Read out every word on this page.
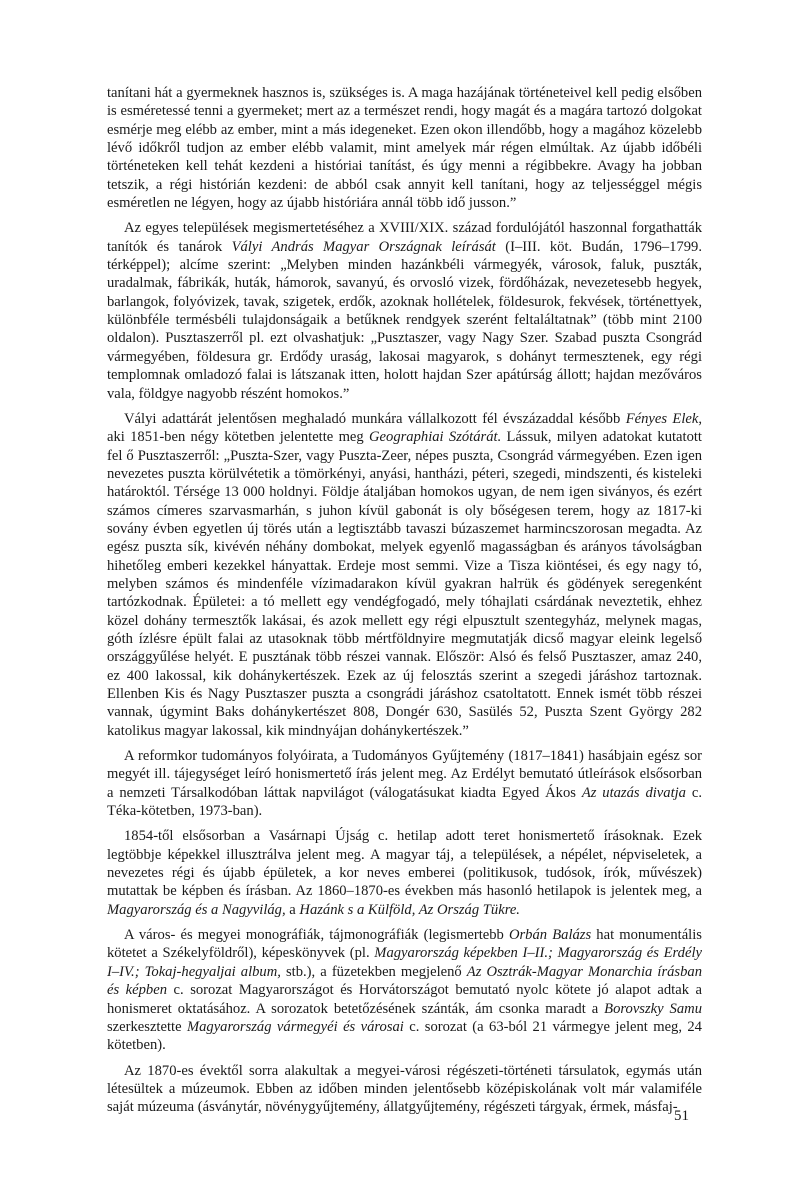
tanítani hát a gyermeknek hasznos is, szükséges is. A maga hazájának történeteivel kell pedig elsőben is esméretessé tenni a gyermeket; mert az a természet rendi, hogy magát és a magára tartozó dolgokat esmérje meg elébb az ember, mint a más idegeneket. Ezen okon illendőbb, hogy a magához közelebb lévő időkről tudjon az ember elébb valamit, mint amelyek már régen elmúltak. Az újabb időbéli történeteken kell tehát kezdeni a históriai tanítást, és úgy menni a régibbekre. Avagy ha jobban tetszik, a régi histórián kezdeni: de abból csak annyit kell tanítani, hogy az teljességgel mégis esméretlen ne légyen, hogy az újabb históriára annál több idő jusson.”

Az egyes települések megismertetéséhez a XVIII/XIX. század fordulójától haszonnal forgathatták tanítók és tanárok Vályi András Magyar Országnak leírását (I–III. köt. Budán, 1796–1799. térképpel); alcíme szerint: „Melyben minden hazánkbéli vármegyék, városok, faluk, puszták, uradalmak, fábrikák, huták, hámorok, savanyú, és orvosló vizek, fördőházak, nevezetesebb hegyek, barlangok, folyóvizek, tavak, szigetek, erdők, azoknak hollételek, földesurok, fekvések, történettyek, különbféle termésbéli tulajdonságaik a betűknek rendgyek szerént feltaláltatnak” (több mint 2100 oldalon). Pusztaszerről pl. ezt olvashatjuk: „Pusztaszer, vagy Nagy Szer. Szabad puszta Csongrád vármegyében, földesura gr. Erdődy uraság, lakosai magyarok, s dohányt termesztenek, egy régi templomnak omladozó falai is látszanak itten, holott hajdan Szer apátúrság állott; hajdan mezőváros vala, földgye nagyobb részént homokos.”

Vályi adattárát jelentősen meghaladó munkára vállalkozott fél évszázaddal később Fényes Elek, aki 1851-ben négy kötetben jelentette meg Geographiai Szótárát. Lássuk, milyen adatokat kutatott fel ő Pusztaszerről: „Puszta-Szer, vagy Puszta-Zeer, népes puszta, Csongrád vármegyében. Ezen igen nevezetes puszta körülvétetik a tömörkényi, anyási, hantházi, péteri, szegedi, mindszenti, és kisteleki határoktól. Térsége 13 000 holdnyi. Földje átaljában homokos ugyan, de nem igen siványos, és ezért számos címeres szarvasmarhán, s juhon kívül gabonát is oly bőségesen terem, hogy az 1817-ki sovány évben egyetlen új törés után a legtisztább tavaszi búzaszemet harmincszorosan megadta. Az egész puszta sík, kivévén néhány dombokat, melyek egyenlő magasságban és arányos távolságban hihetőleg emberi kezekkel hányattak. Erdeje most semmi. Vize a Tisza kiöntései, és egy nagy tó, melyben számos és mindenféle vízimadarakon kívül gyakran halтük és gödények seregenként tartózkodnak. Épületei: a tó mellett egy vendégfogadó, mely tóhajlati csárdának neveztetik, ehhez közel dohány termesztők lakásai, és azok mellett egy régi elpusztult szentegyház, melynek magas, góth ízlésre épült falai az utasoknak több mértföldnyire megmutatják dicső magyar eleink legelső országgyűlése helyét. E pusztának több részei vannak. Először: Alsó és felső Pusztaszer, amaz 240, ez 400 lakossal, kik dohánykertészek. Ezek az új felosztás szerint a szegedi járáshoz tartoznak. Ellenben Kis és Nagy Pusztaszer puszta a csongrádi járáshoz csatoltatott. Ennek ismét több részei vannak, úgymint Baks dohánykertészet 808, Dongér 630, Sasülés 52, Puszta Szent György 282 katolikus magyar lakossal, kik mindnyájan dohánykertészek.”

A reformkor tudományos folyóirata, a Tudományos Gyűjtemény (1817–1841) hasábjain egész sor megyét ill. tájegységet leíró honismertető írás jelent meg. Az Erdélyt bemutató útleírások elsősorban a nemzeti Társalkodóban láttak napvilágot (válogatásukat kiadta Egyed Ákos Az utazás divatja c. Téka-kötetben, 1973-ban).

1854-től elsősorban a Vasárnapi Újság c. hetilap adott teret honismertető írásoknak. Ezek legtöbbje képekkel illusztrálva jelent meg. A magyar táj, a települések, a népélet, népviseletek, a nevezetes régi és újabb épületek, a kor neves emberei (politikusok, tudósok, írók, művészek) mutattak be képben és írásban. Az 1860–1870-es években más hasonló hetilapok is jelentek meg, a Magyarország és a Nagyvilág, a Hazánk s a Külföld, Az Ország Tükre.

A város- és megyei monográfiák, tájmonográfiák (legismertebb Orbán Balázs hat monumentális kötetet a Székelyföldről), képeskönyvek (pl. Magyarország képekben I–II.; Magyarország és Erdély I–IV.; Tokaj-hegyaljai album, stb.), a füzetekben megjelenő Az Osztrák-Magyar Monarchia írásban és képben c. sorozat Magyarországot és Horvátországot bemutató nyolc kötete jó alapot adtak a honismeret oktatásához. A sorozatok betetőzésének szánták, ám csonka maradt a Borovszky Samu szerkesztette Magyarország vármegyéi és városai c. sorozat (a 63-ból 21 vármegye jelent meg, 24 kötetben).

Az 1870-es évektől sorra alakultak a megyei-városi régészeti-történeti társulatok, egymás után létesültek a múzeumok. Ebben az időben minden jelentősebb középiskolának volt már valamiféle saját múzeuma (ásványtár, növénygyűjtemény, állatgyűjtemény, régészeti tárgyak, érmek, másfaj-

51
